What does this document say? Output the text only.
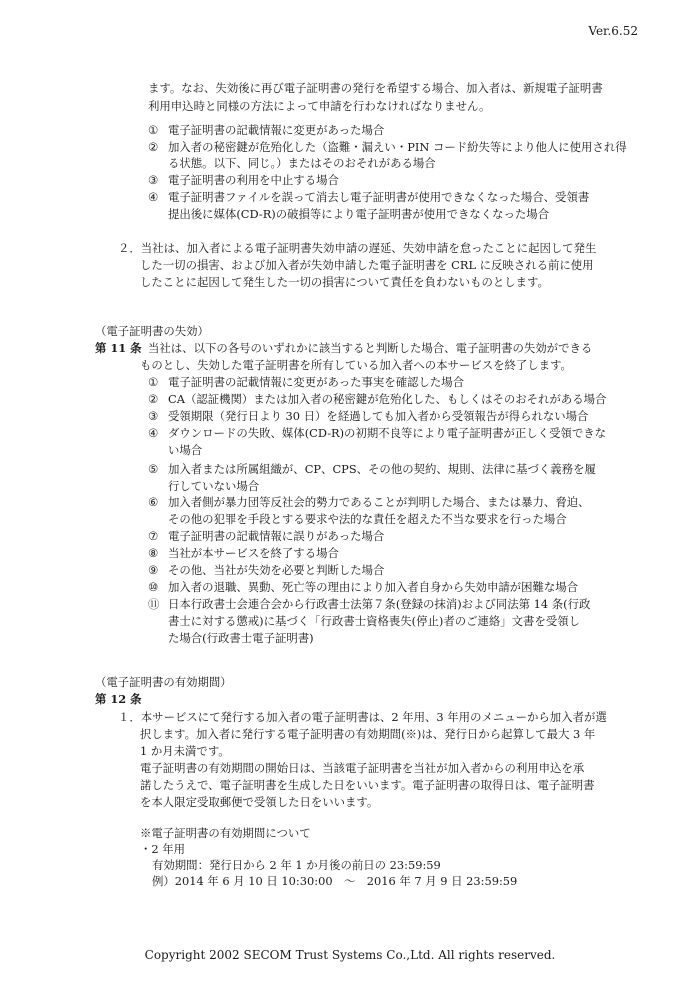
Ver.6.52
ます。なお、失効後に再び電子証明書の発行を希望する場合、加入者は、新規電子証明書
利用申込時と同様の方法によって申請を行わなければなりません。
① 電子証明書の記載情報に変更があった場合
② 加入者の秘密鍵が危殆化した（盗難・漏えい・PIN コード紛失等により他人に使用され得
る状態。以下、同じ。）またはそのおそれがある場合
③ 電子証明書の利用を中止する場合
④ 電子証明書ファイルを誤って消去し電子証明書が使用できなくなった場合、受領書
提出後に媒体(CD-R)の破損等により電子証明書が使用できなくなった場合
２．当社は、加入者による電子証明書失効申請の遅延、失効申請を怠ったことに起因して発生
した一切の損害、および加入者が失効申請した電子証明書を CRL に反映される前に使用
したことに起因して発生した一切の損害について責任を負わないものとします。
（電子証明書の失効）
第 11 条 当社は、以下の各号のいずれかに該当すると判断した場合、電子証明書の失効ができる
ものとし、失効した電子証明書を所有している加入者への本サービスを終了します。
① 電子証明書の記載情報に変更があった事実を確認した場合
② CA（認証機関）または加入者の秘密鍵が危殆化した、もしくはそのおそれがある場合
③ 受領期限（発行日より 30 日）を経過しても加入者から受領報告が得られない場合
④ ダウンロードの失敗、媒体(CD-R)の初期不良等により電子証明書が正しく受領できな
い場合
⑤ 加入者または所属組織が、CP、CPS、その他の契約、規則、法律に基づく義務を履
行していない場合
⑥ 加入者側が暴力団等反社会的勢力であることが判明した場合、または暴力、脅迫、
その他の犯罪を手段とする要求や法的な責任を超えた不当な要求を行った場合
⑦ 電子証明書の記載情報に誤りがあった場合
⑧ 当社が本サービスを終了する場合
⑨ その他、当社が失効を必要と判断した場合
⑩ 加入者の退職、異動、死亡等の理由により加入者自身から失効申請が困難な場合
⑪ 日本行政書士会連合会から行政書士法第７条(登録の抹消)および同法第 14 条(行政
書士に対する懲戒)に基づく「行政書士資格喪失(停止)者のご連絡」文書を受領し
た場合(行政書士電子証明書)
（電子証明書の有効期間）
第 12 条
１．本サービスにて発行する加入者の電子証明書は、2 年用、3 年用のメニューから加入者が選
択します。加入者に発行する電子証明書の有効期間(※)は、発行日から起算して最大 3 年
1 か月未満です。
電子証明書の有効期間の開始日は、当該電子証明書を当社が加入者からの利用申込を承
諾したうえで、電子証明書を生成した日をいいます。電子証明書の取得日は、電子証明書
を本人限定受取郵便で受領した日をいいます。
※電子証明書の有効期間について
・2 年用
有効期間：発行日から 2 年 1 か月後の前日の 23:59:59
例）2014 年 6 月 10 日 10:30:00　～　2016 年 7 月 9 日 23:59:59
Copyright 2002 SECOM Trust Systems Co.,Ltd. All rights reserved.
